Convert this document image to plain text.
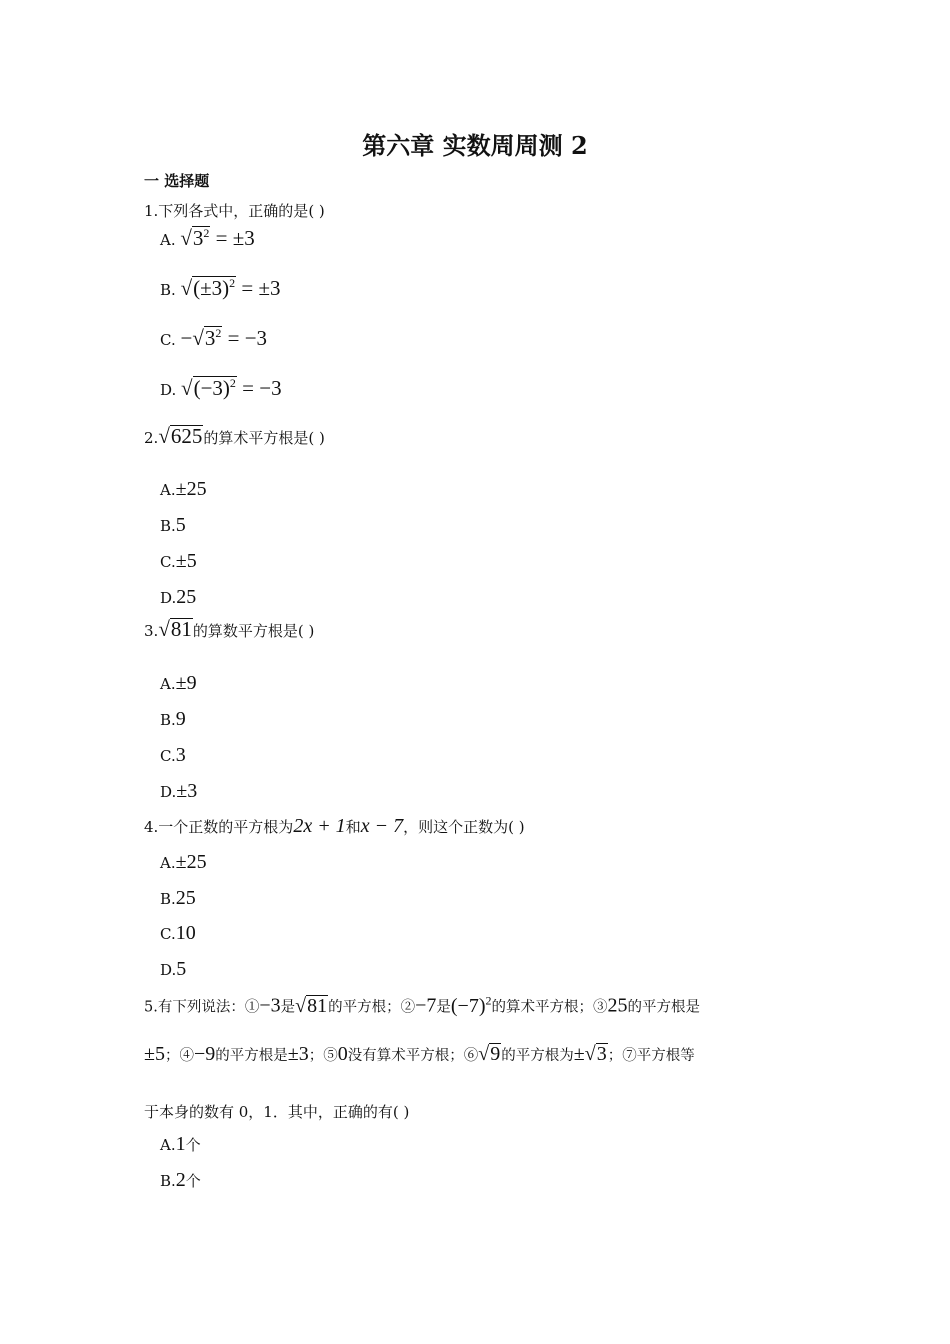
第六章 实数周周测 2
一 选择题
1.下列各式中，正确的是( )
A. $√3^2 = \pm 3$
B. $√(\pm 3)^2 = \pm 3$
C. $-√3^2 = -3$
D. $√(-3)^2 = -3$
2.√625的算术平方根是( )
A.±25
B.5
C.±5
D.25
3.√81的算数平方根是( )
A.±9
B.9
C.3
D.±3
4.一个正数的平方根为2x + 1和x − 7，则这个正数为( )
A.±25
B.25
C.10
D.5
5.有下列说法：①−3是√81的平方根；②−7是$(-7)^2$的算术平方根；③25的平方根是
±5；④−9的平方根是±3；⑤0没有算术平方根；⑥√9的平方根为±√3；⑦平方根等
于本身的数有 0，1．其中，正确的有( )
A.1个
B.2个
